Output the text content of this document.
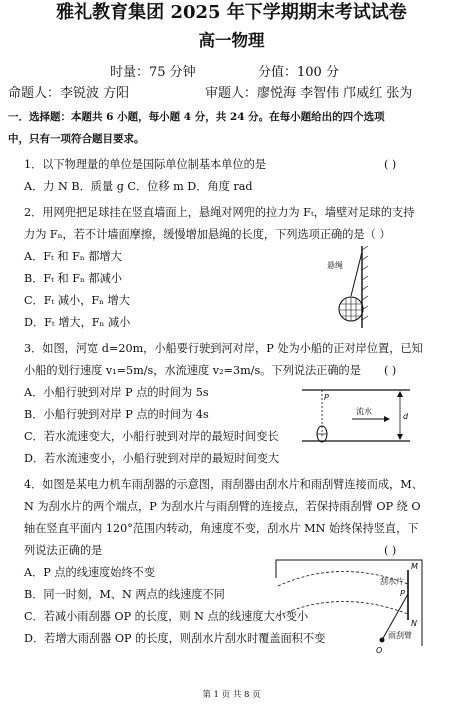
雅礼教育集团 2025 年下学期期末考试试卷
高一物理
时量：75 分钟	分值：100 分
命题人：李锐波 方阳	审题人：廖悦海 李智伟 邝威红 张为
一．选择题：本题共 6 小题，每小题 4 分，共 24 分。在每小题给出的四个选项
中，只有一项符合题目要求。
1．以下物理量的单位是国际单位制基本单位的是	( )
A．力 N B．质量 g C．位移 m D．角度 rad
2．用网兜把足球挂在竖直墙面上，悬绳对网兜的拉力为 Fₜ，墙壁对足球的支持
力为 Fₙ，若不计墙面摩擦，缓慢增加悬绳的长度，下列选项正确的是（ ）
A．Fₜ 和 Fₙ 都增大
B．Fₜ 和 Fₙ 都减小
C．Fₜ 减小，Fₙ 增大
D．Fₜ 增大，Fₙ 减小
悬绳
3．如图，河宽 d=20m，小船要行驶到河对岸，P 处为小船的正对岸位置，已知
小船的划行速度 v₁=5m/s，水流速度 v₂=3m/s。下列说法正确的是 ( )
A．小船行驶到对岸 P 点的时间为 5s
B．小船行驶到对岸 P 点的时间为 4s
C．若水流速变大，小船行驶到对岸的最短时间变长
D．若水流速变小，小船行驶到对岸的最短时间变大
P
流水
d
4．如图是某电力机车雨刮器的示意图，雨刮器由刮水片和雨刮臂连接而成，M、
N 为刮水片的两个端点，P 为刮水片与雨刮臂的连接点，若保持雨刮臂 OP 绕 O
轴在竖直平面内 120°范围内转动，角速度不变，刮水片 MN 始终保持竖直，下
列说法正确的是	( )
A．P 点的线速度始终不变
B．同一时刻，M、N 两点的线速度不同
C．若减小雨刮器 OP 的长度，则 N 点的线速度大小变小
D．若增大雨刮器 OP 的长度，则刮水片刮水时覆盖面积不变
M
P
N
O
刮水片
雨刮臂
第 1 页 共 8 页
